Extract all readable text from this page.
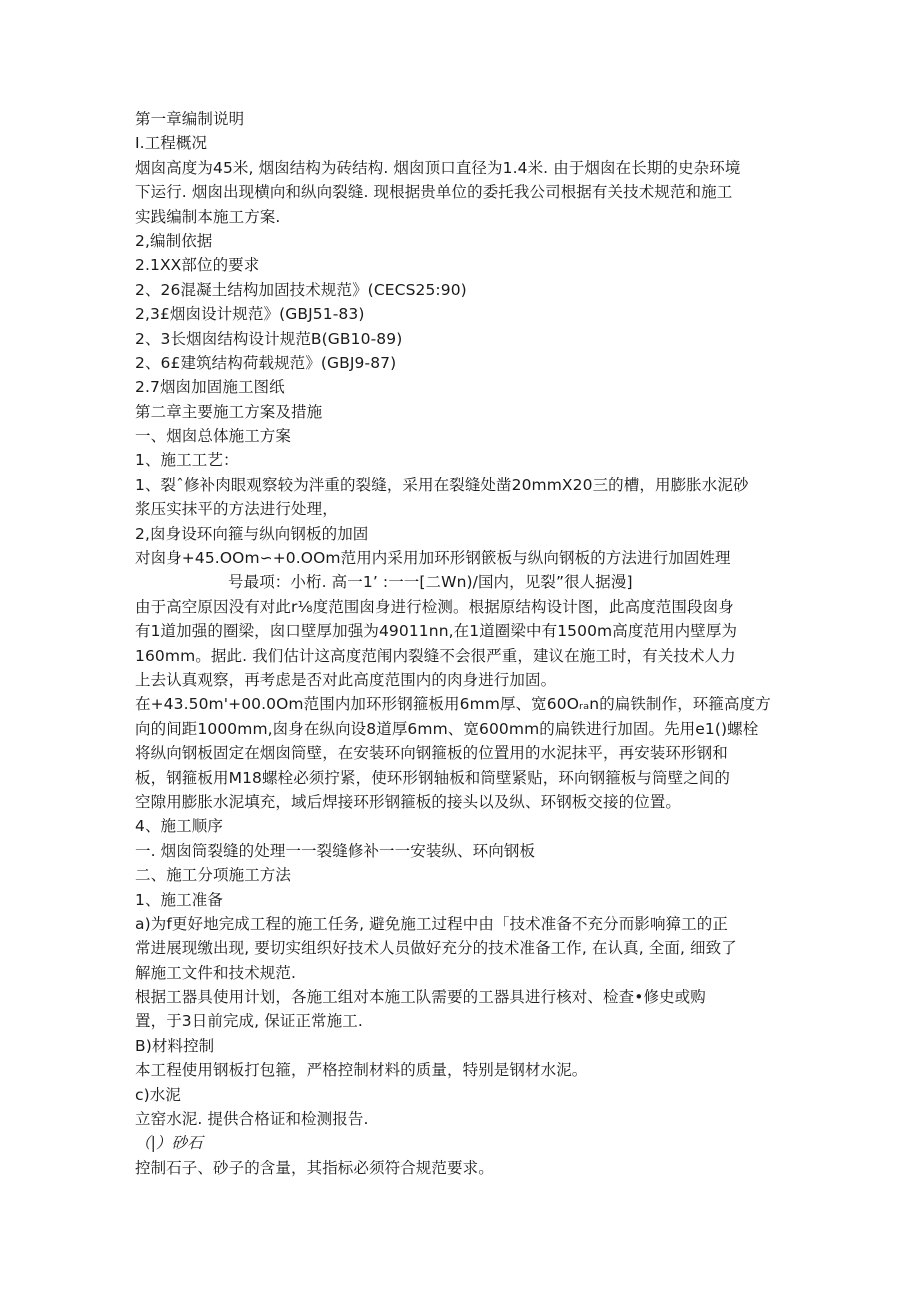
第一章编制说明
I.工程概况
烟囱高度为45米, 烟囱结构为砖结构. 烟囱顶口直径为1.4米. 由于烟囱在长期的史杂环境
下运行. 烟囱出现横向和纵向裂缝. 现根据贵单位的委托我公司根据有关技术规范和施工
实践编制本施工方案.
2,编制依据
2.1XX部位的要求
2、26混凝土结构加固技术规范》(CECS25:90)
2,3£烟囱设计规范》(GBJ51-83)
2、3长烟囱结构设计规范B(GB10-89)
2、6£建筑结构荷载规范》(GBJ9-87)
2.7烟囱加固施工图纸
第二章主要施工方案及措施
一、烟囱总体施工方案
1、施工工艺：
1、裂ˆ修补肉眼观察较为泮重的裂缝，采用在裂缝处凿20mmX20三的槽，用膨胀水泥砂
浆压实抹平的方法进行处理，
2,囱身设环向箍与纵向钢板的加固
对囱身+45.OOm∽+0.OOm范用内采用加环形钢篏板与纵向钢板的方法进行加固姓理
号最项：小桁. 高一1’ :一一[二Wn)/国内，见裂”很人据漫]
由于高空原因没有对此r⅛度范围囱身进行检测。根据原结构设计图，此高度范围段囱身
有1道加强的圈梁，囱口壁厚加强为49011nn,在1道圈梁中有1500m高度范用内壁厚为
160mm。据此. 我们估计这高度范闱内裂缝不会很严重，建议在施工时，有关技术人力
上去认真观察，再考虑是否对此高度范围内的肉身进行加固。
在+43.50m'+00.0Om范围内加环形钢箍板用6mm厚、宽60Oᵣₐn的扁铁制作，环箍高度方
向的间距1000mm,囱身在纵向设8道厚6mm、宽600mm的扁铁进行加固。先用e1()螺栓
将纵向钢板固定在烟囱筒壁，在安装环向钢箍板的位置用的水泥抹平，再安装环形钢和
板，钢箍板用M18螺栓必须拧紧，使环形钢轴板和筒壁紧贴，环向钢箍板与筒壁之间的
空隙用膨胀水泥填充，域后焊接环形钢箍板的接头以及纵、环钢板交接的位置。
4、施工顺序
一. 烟囱筒裂缝的处理一一裂缝修补一一安装纵、环向钢板
二、施工分项施工方法
1、施工准备
a)为f更好地完成工程的施工任务, 避免施工过程中由「技术准备不充分而影响獐工的正
常进展现缴出现, 要切实组织好技术人员做好充分的技术准备工作, 在认真, 全面, 细致了
解施工文件和技术规范.
根据工器具使用计划，各施工组对本施工队需要的工器具进行核对、检查•修史或购
置，于3日前完成, 保证正常施工.
B)材料控制
本工程使用钢板打包箍，严格控制材料的质量，特别是钢材水泥。
c)水泥
立窑水泥. 提供合格证和检测报告.
（|）砂石
控制石子、砂子的含量，其指标必须符合规范要求。
